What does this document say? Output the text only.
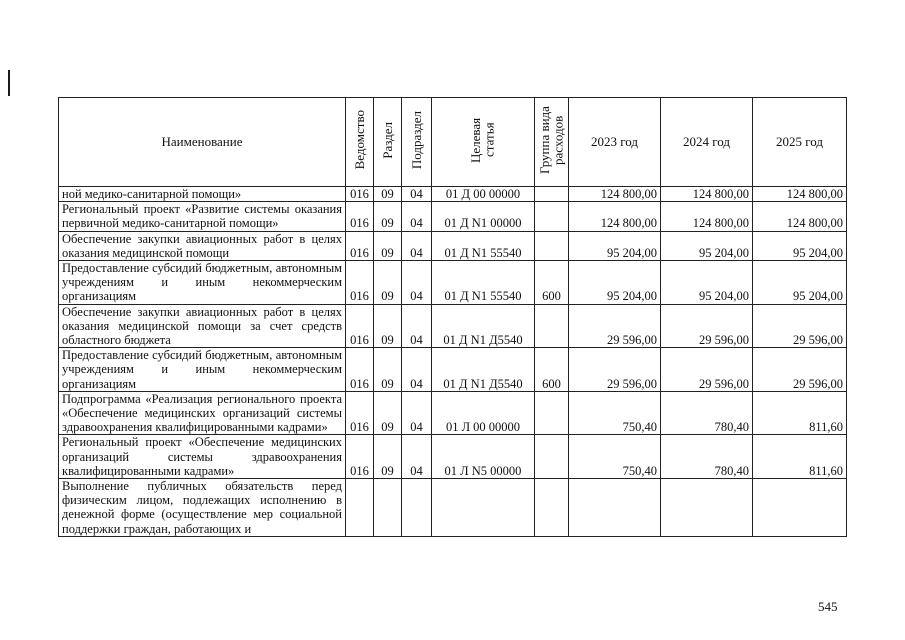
Наименование	Ведомство	Раздел	Подраздел	Целевая статья	Группа вида расходов	2023 год	2024 год	2025 год
ной медико-санитарной помощи»	016	09	04	01 Д 00 00000		124 800,00	124 800,00	124 800,00
Региональный проект «Развитие системы оказания первичной медико-санитарной помощи»	016	09	04	01 Д N1 00000		124 800,00	124 800,00	124 800,00
Обеспечение закупки авиационных работ в целях оказания медицинской помощи	016	09	04	01 Д N1 55540		95 204,00	95 204,00	95 204,00
Предоставление субсидий бюджетным, автономным учреждениям и иным некоммерческим организациям	016	09	04	01 Д N1 55540	600	95 204,00	95 204,00	95 204,00
Обеспечение закупки авиационных работ в целях оказания медицинской помощи за счет средств областного бюджета	016	09	04	01 Д N1 Д5540		29 596,00	29 596,00	29 596,00
Предоставление субсидий бюджетным, автономным учреждениям и иным некоммерческим организациям	016	09	04	01 Д N1 Д5540	600	29 596,00	29 596,00	29 596,00
Подпрограмма «Реализация регионального проекта «Обеспечение медицинских организаций системы здравоохранения квалифицированными кадрами»	016	09	04	01 Л 00 00000		750,40	780,40	811,60
Региональный проект «Обеспечение медицинских организаций системы здравоохранения квалифицированными кадрами»	016	09	04	01 Л N5 00000		750,40	780,40	811,60
Выполнение публичных обязательств перед физическим лицом, подлежащих исполнению в денежной форме (осуществление мер социальной поддержки граждан, работающих и								
545
